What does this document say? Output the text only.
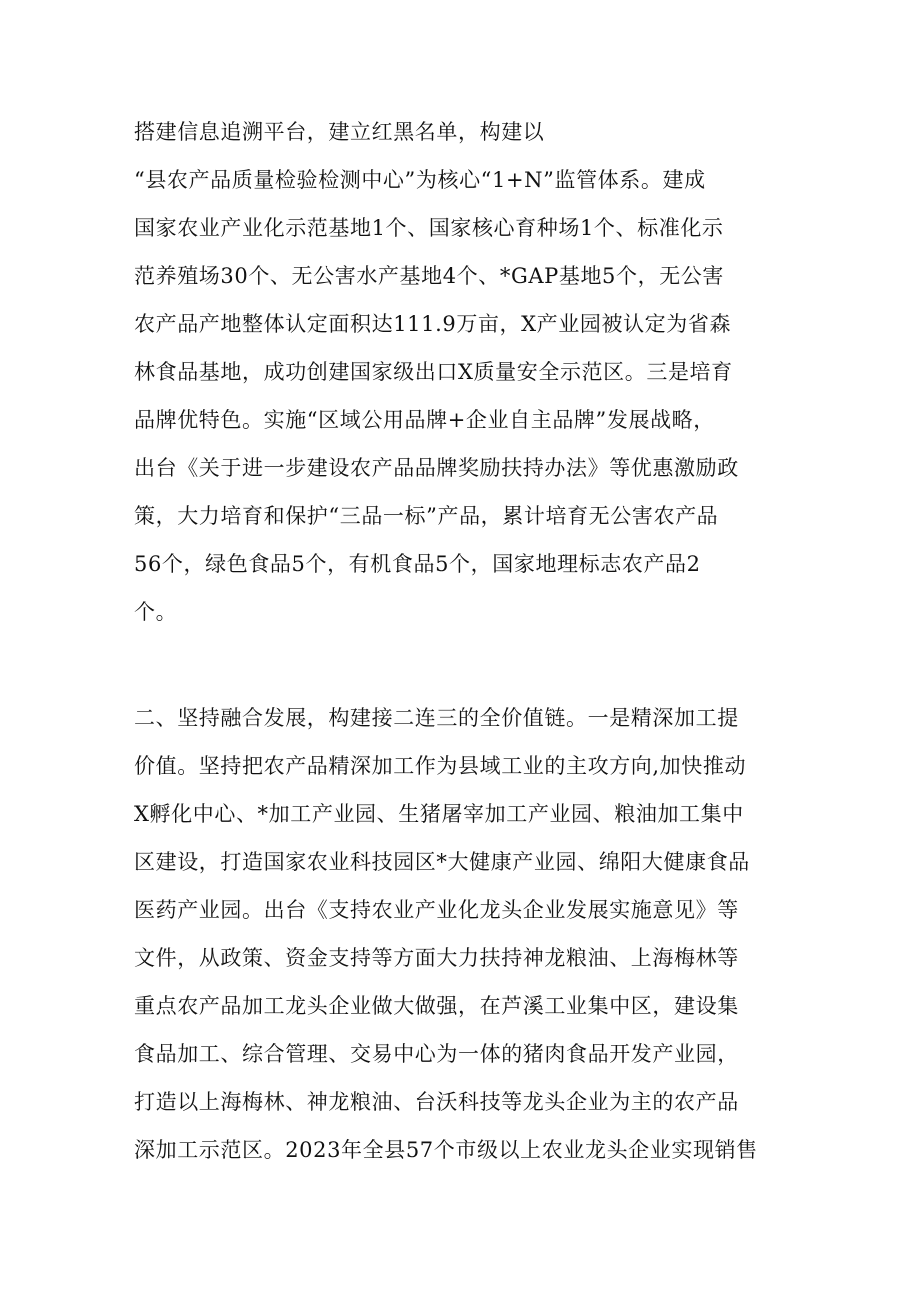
搭建信息追溯平台，建立红黑名单，构建以
“县农产品质量检验检测中心”为核心“1+N”监管体系。建成
国家农业产业化示范基地1个、国家核心育种场1个、标准化示
范养殖场30个、无公害水产基地4个、*GAP基地5个，无公害
农产品产地整体认定面积达111.9万亩，X产业园被认定为省森
林食品基地，成功创建国家级出口X质量安全示范区。三是培育
品牌优特色。实施“区域公用品牌+企业自主品牌”发展战略，
出台《关于进一步建设农产品品牌奖励扶持办法》等优惠激励政
策，大力培育和保护“三品一标”产品，累计培育无公害农产品
56个，绿色食品5个，有机食品5个，国家地理标志农产品2
个。
二、坚持融合发展，构建接二连三的全价值链。一是精深加工提
价值。坚持把农产品精深加工作为县域工业的主攻方向,加快推动
X孵化中心、*加工产业园、生猪屠宰加工产业园、粮油加工集中
区建设，打造国家农业科技园区*大健康产业园、绵阳大健康食品
医药产业园。出台《支持农业产业化龙头企业发展实施意见》等
文件，从政策、资金支持等方面大力扶持神龙粮油、上海梅林等
重点农产品加工龙头企业做大做强，在芦溪工业集中区，建设集
食品加工、综合管理、交易中心为一体的猪肉食品开发产业园，
打造以上海梅林、神龙粮油、台沃科技等龙头企业为主的农产品
深加工示范区。2023年全县57个市级以上农业龙头企业实现销售
